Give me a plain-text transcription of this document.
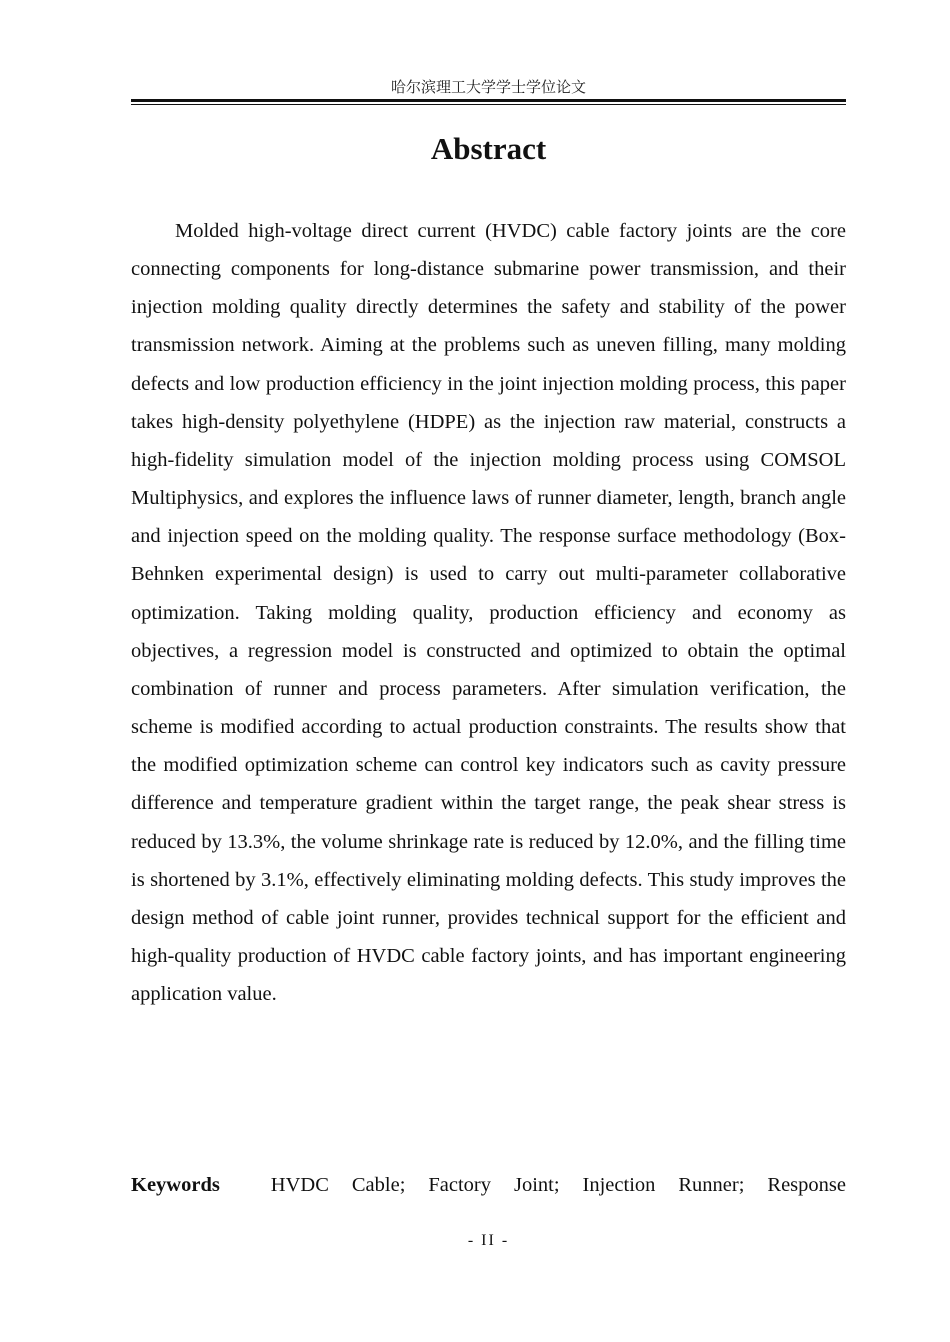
哈尔滨理工大学学士学位论文
Abstract

Molded high-voltage direct current (HVDC) cable factory joints are the core connecting components for long-distance submarine power transmission, and their injection molding quality directly determines the safety and stability of the power transmission network. Aiming at the problems such as uneven filling, many molding defects and low production efficiency in the joint injection molding process, this paper takes high-density polyethylene (HDPE) as the injection raw material, constructs a high-fidelity simulation model of the injection molding process using COMSOL Multiphysics, and explores the influence laws of runner diameter, length, branch angle and injection speed on the molding quality. The response surface methodology (Box-Behnken experimental design) is used to carry out multi-parameter collaborative optimization. Taking molding quality, production efficiency and economy as objectives, a regression model is constructed and optimized to obtain the optimal combination of runner and process parameters. After simulation verification, the scheme is modified according to actual production constraints. The results show that the modified optimization scheme can control key indicators such as cavity pressure difference and temperature gradient within the target range, the peak shear stress is reduced by 13.3%, the volume shrinkage rate is reduced by 12.0%, and the filling time is shortened by 3.1%, effectively eliminating molding defects. This study improves the design method of cable joint runner, provides technical support for the efficient and high-quality production of HVDC cable factory joints, and has important engineering application value.

Keywords HVDC Cable; Factory Joint; Injection Runner; Response

- II -
